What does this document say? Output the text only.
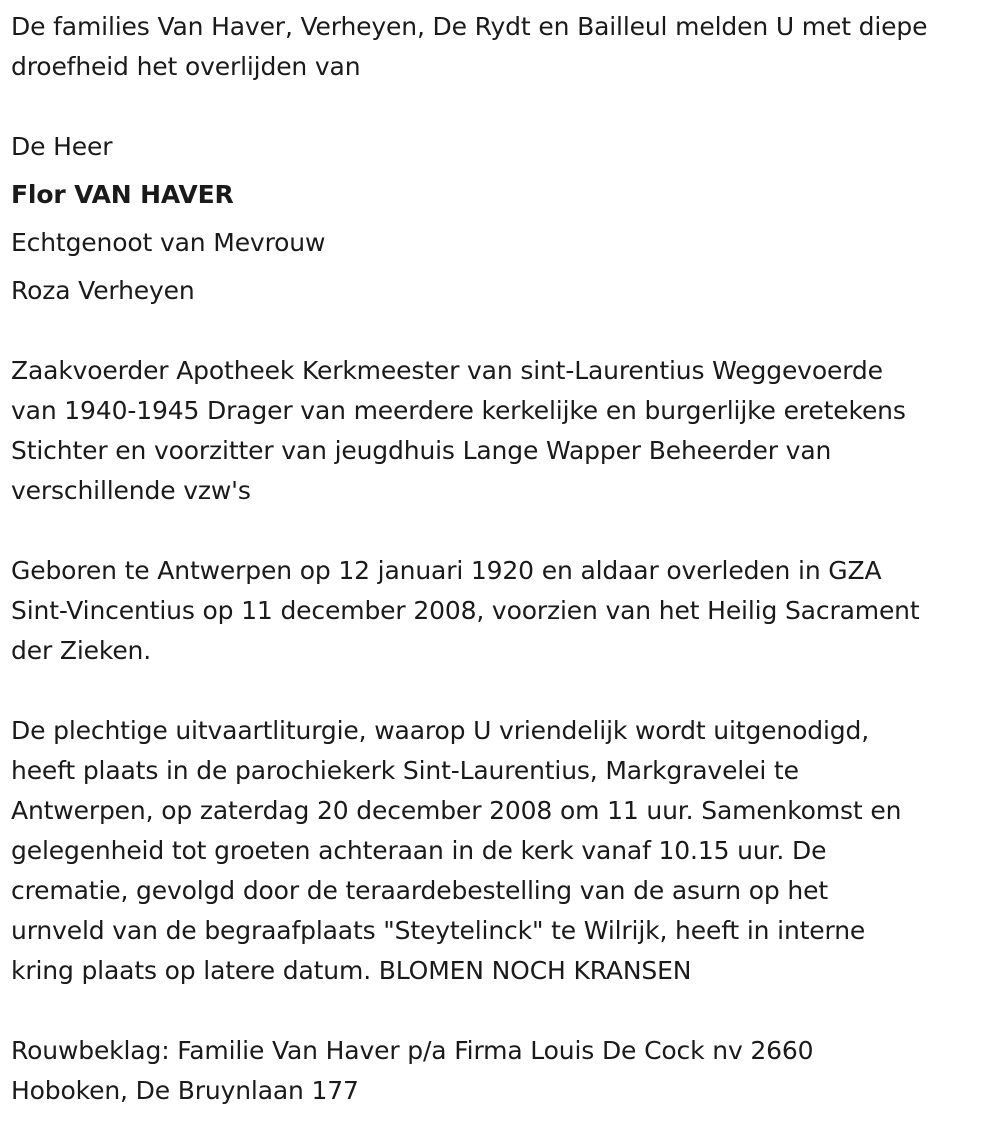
De families Van Haver, Verheyen, De Rydt en Bailleul melden U met diepe
droefheid het overlijden van
De Heer
Flor VAN HAVER
Echtgenoot van Mevrouw
Roza Verheyen
Zaakvoerder Apotheek Kerkmeester van sint-Laurentius Weggevoerde
van 1940-1945 Drager van meerdere kerkelijke en burgerlijke eretekens
Stichter en voorzitter van jeugdhuis Lange Wapper Beheerder van
verschillende vzw's
Geboren te Antwerpen op 12 januari 1920 en aldaar overleden in GZA
Sint-Vincentius op 11 december 2008, voorzien van het Heilig Sacrament
der Zieken.
De plechtige uitvaartliturgie, waarop U vriendelijk wordt uitgenodigd,
heeft plaats in de parochiekerk Sint-Laurentius, Markgravelei te
Antwerpen, op zaterdag 20 december 2008 om 11 uur. Samenkomst en
gelegenheid tot groeten achteraan in de kerk vanaf 10.15 uur. De
crematie, gevolgd door de teraardebestelling van de asurn op het
urnveld van de begraafplaats "Steytelinck" te Wilrijk, heeft in interne
kring plaats op latere datum. BLOMEN NOCH KRANSEN
Rouwbeklag: Familie Van Haver p/a Firma Louis De Cock nv 2660
Hoboken, De Bruynlaan 177
